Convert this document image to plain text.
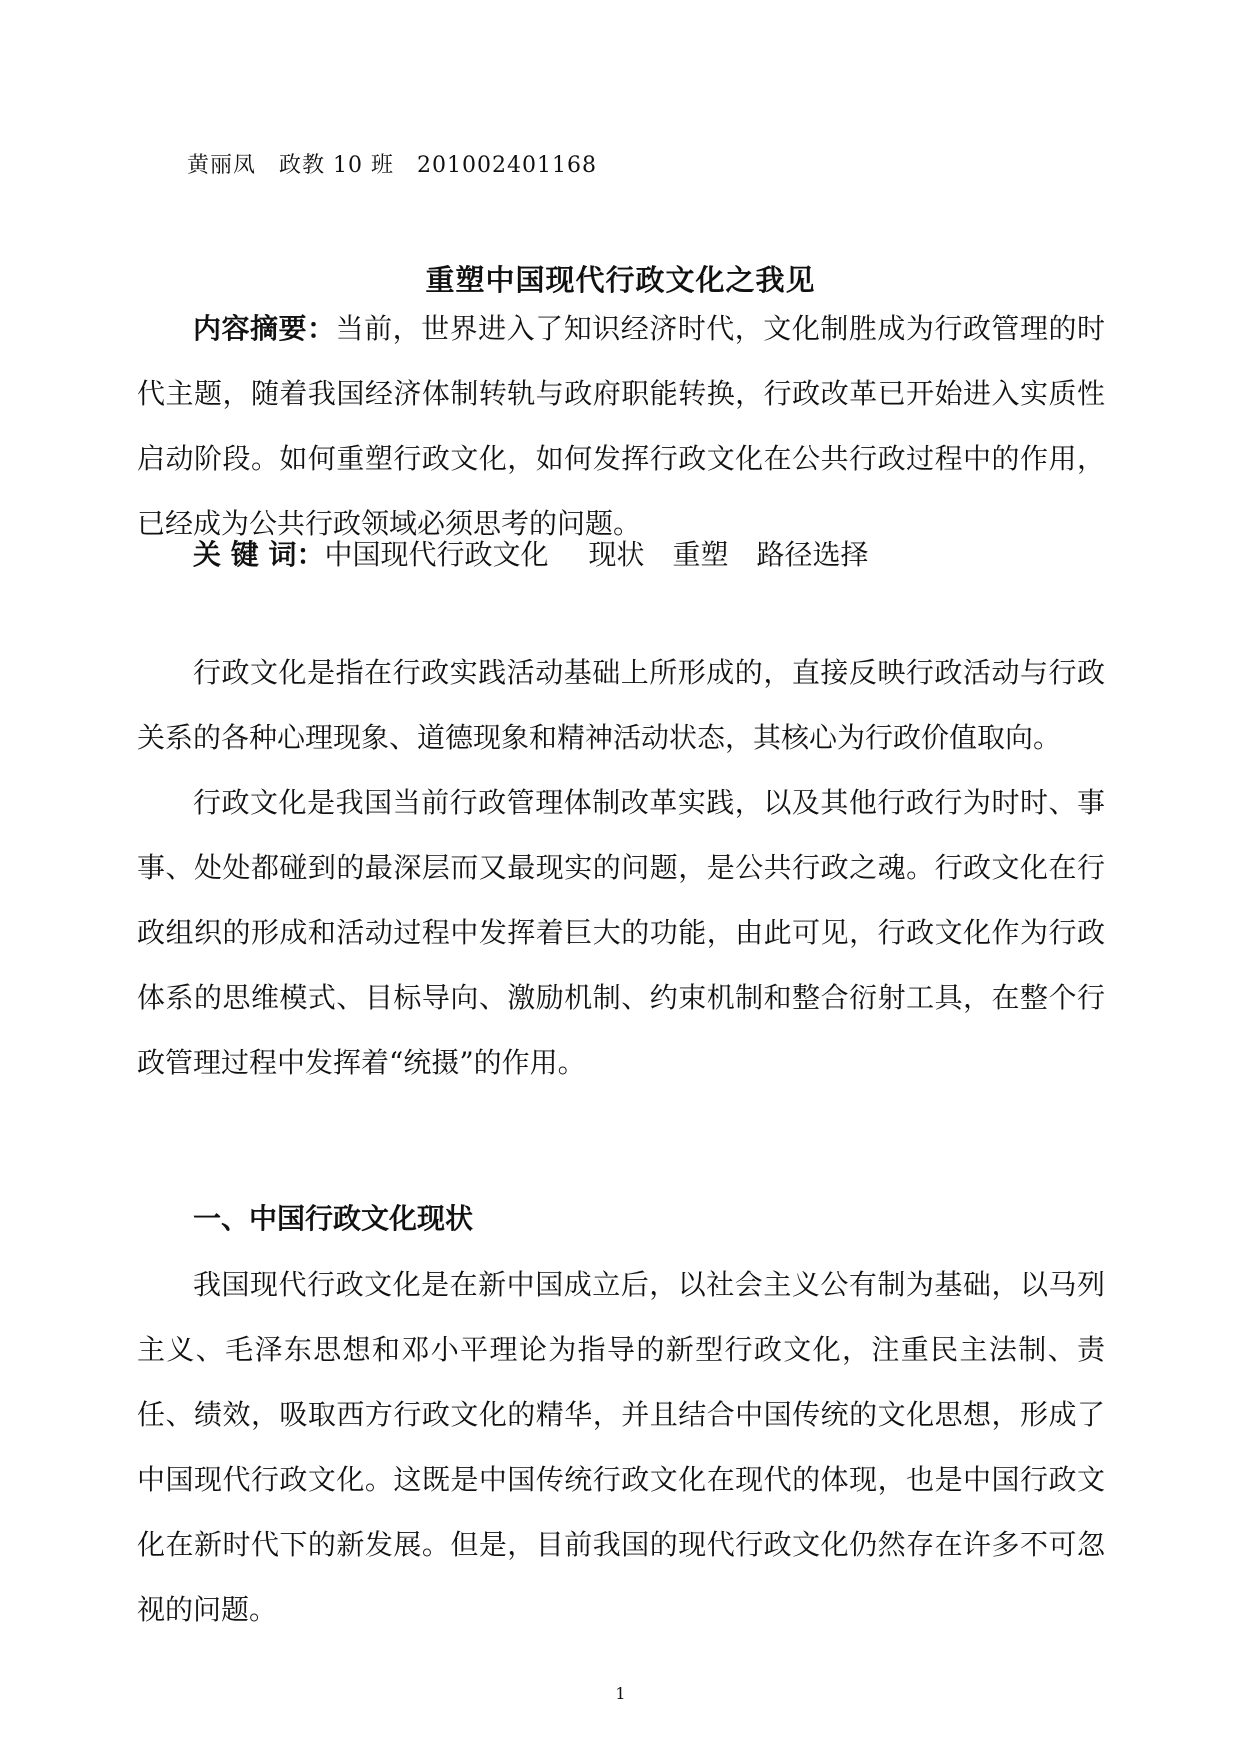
黄丽凤　政教 10 班　201002401168
重塑中国现代行政文化之我见

内容摘要：当前，世界进入了知识经济时代，文化制胜成为行政管理的时代主题，随着我国经济体制转轨与政府职能转换，行政改革已开始进入实质性启动阶段。如何重塑行政文化，如何发挥行政文化在公共行政过程中的作用，已经成为公共行政领域必须思考的问题。

关 键 词：中国现代行政文化 现状 重塑 路径选择

行政文化是指在行政实践活动基础上所形成的，直接反映行政活动与行政关系的各种心理现象、道德现象和精神活动状态，其核心为行政价值取向。

行政文化是我国当前行政管理体制改革实践，以及其他行政行为时时、事事、处处都碰到的最深层而又最现实的问题，是公共行政之魂。行政文化在行政组织的形成和活动过程中发挥着巨大的功能，由此可见，行政文化作为行政体系的思维模式、目标导向、激励机制、约束机制和整合衍射工具，在整个行政管理过程中发挥着“统摄”的作用。

一、中国行政文化现状

我国现代行政文化是在新中国成立后，以社会主义公有制为基础，以马列主义、毛泽东思想和邓小平理论为指导的新型行政文化，注重民主法制、责任、绩效，吸取西方行政文化的精华，并且结合中国传统的文化思想，形成了中国现代行政文化。这既是中国传统行政文化在现代的体现，也是中国行政文化在新时代下的新发展。但是，目前我国的现代行政文化仍然存在许多不可忽视的问题。

1
